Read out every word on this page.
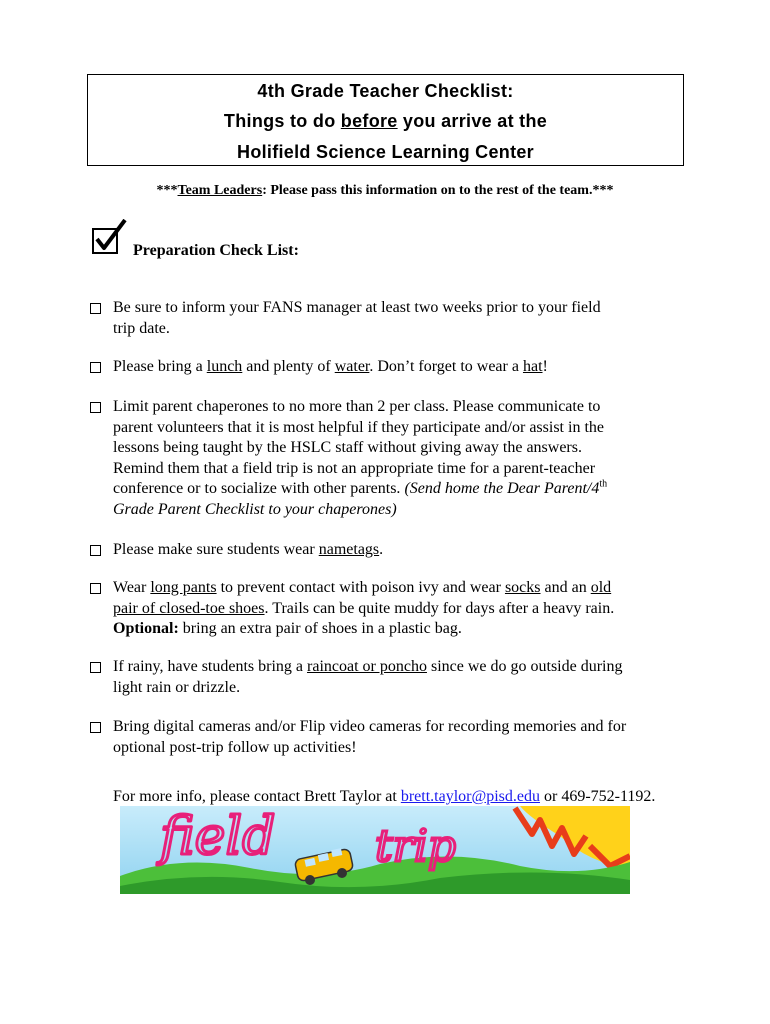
4th Grade Teacher Checklist:
Things to do before you arrive at the
Holifield Science Learning Center
***Team Leaders: Please pass this information on to the rest of the team.***
Preparation Check List:
Be sure to inform your FANS manager at least two weeks prior to your field
trip date.
Please bring a lunch and plenty of water. Don’t forget to wear a hat!
Limit parent chaperones to no more than 2 per class. Please communicate to
parent volunteers that it is most helpful if they participate and/or assist in the
lessons being taught by the HSLC staff without giving away the answers.
Remind them that a field trip is not an appropriate time for a parent-teacher
conference or to socialize with other parents. (Send home the Dear Parent/4th
Grade Parent Checklist to your chaperones)
Please make sure students wear nametags.
Wear long pants to prevent contact with poison ivy and wear socks and an old
pair of closed-toe shoes. Trails can be quite muddy for days after a heavy rain.
Optional: bring an extra pair of shoes in a plastic bag.
If rainy, have students bring a raincoat or poncho since we do go outside during
light rain or drizzle.
Bring digital cameras and/or Flip video cameras for recording memories and for
optional post-trip follow up activities!
For more info, please contact Brett Taylor at brett.taylor@pisd.edu or 469-752-1192.
field trip
